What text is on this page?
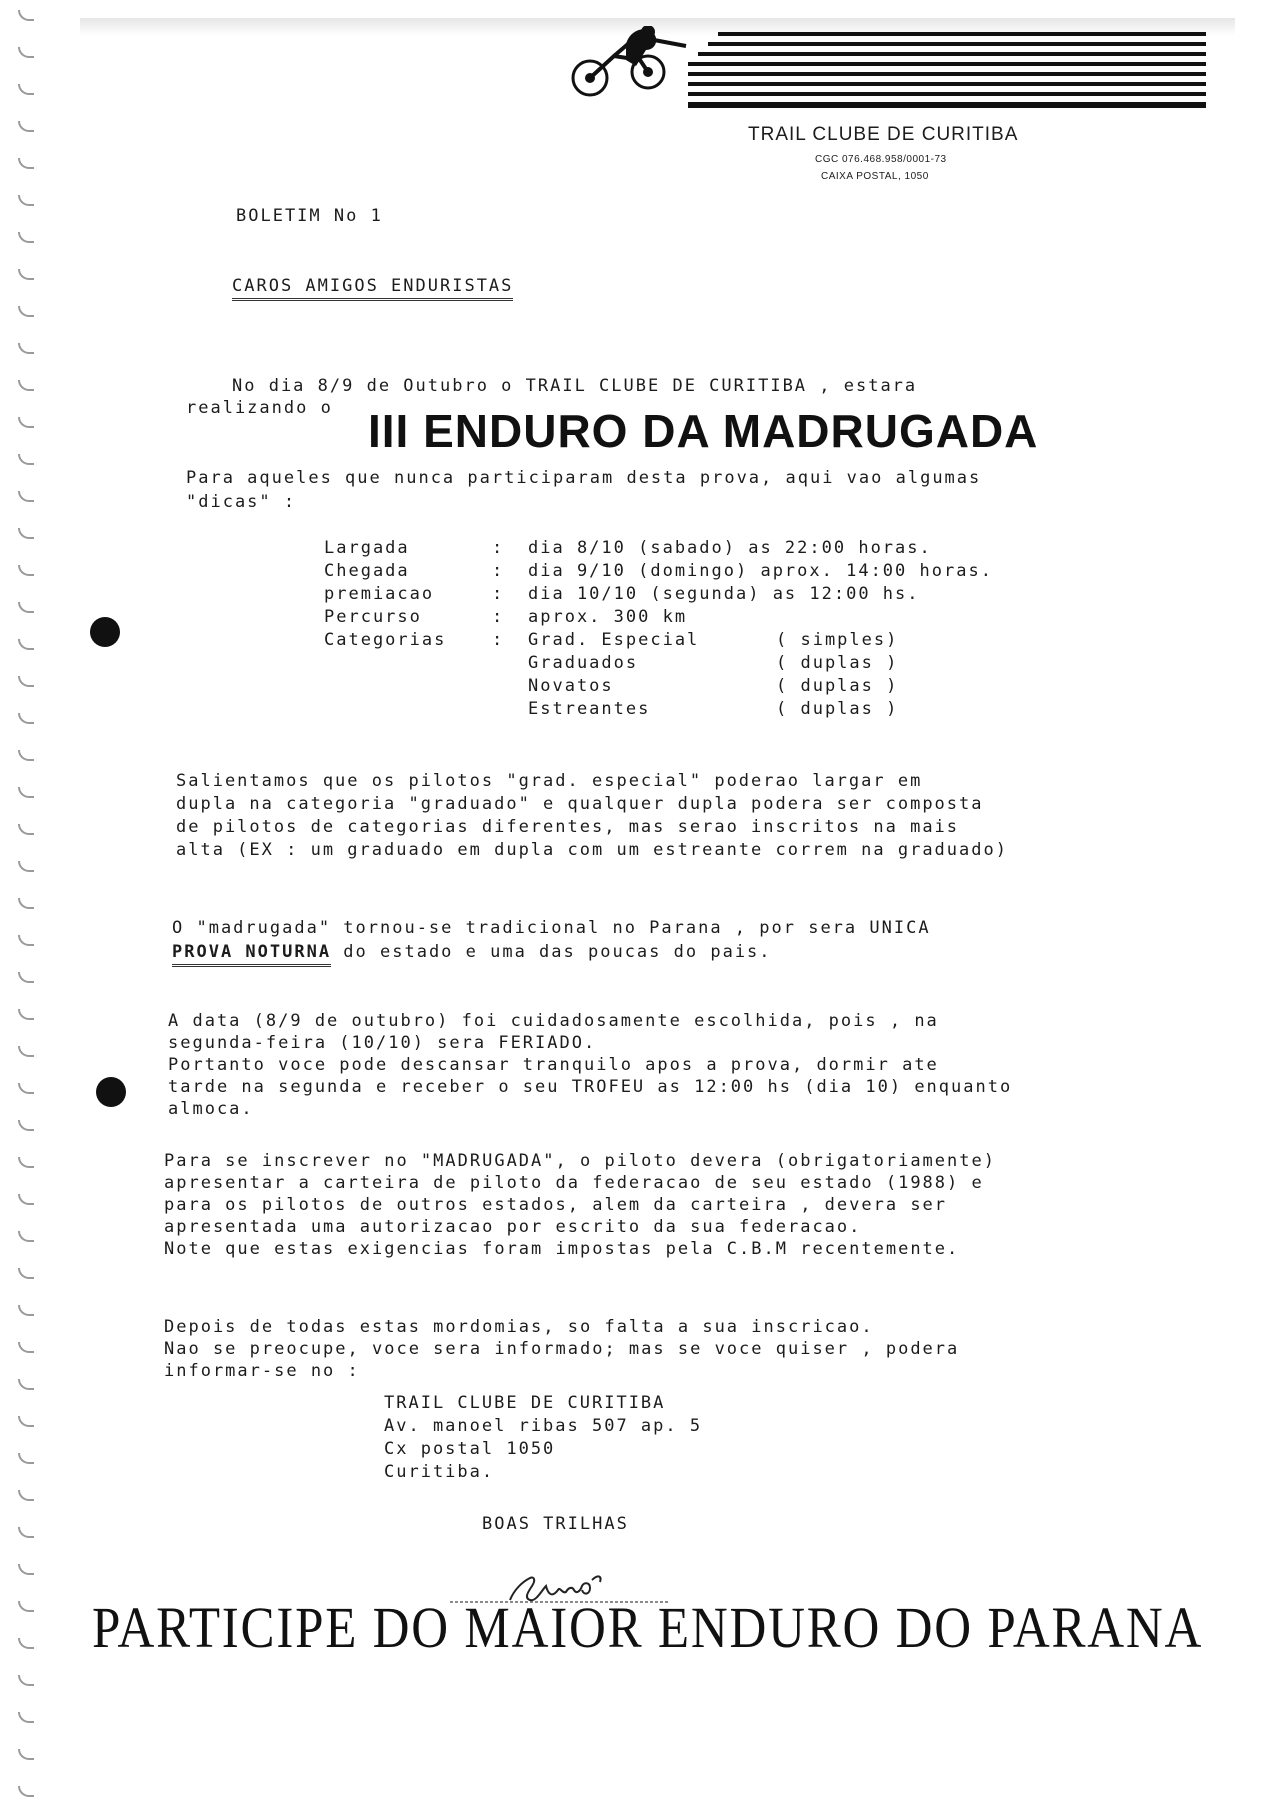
TRAIL CLUBE DE CURITIBA
CGC 076.468.958/0001-73
CAIXA POSTAL, 1050
BOLETIM No 1
CAROS AMIGOS ENDURISTAS
No dia 8/9 de Outubro o TRAIL CLUBE DE CURITIBA , estara
realizando o III ENDURO DA MADRUGADA
Para aqueles que nunca participaram desta prova, aqui vao algumas
"dicas" :
Largada	:	dia 8/10 (sabado) as 22:00 horas.
Chegada	:	dia 9/10 (domingo) aprox. 14:00 horas.
premiacao	:	dia 10/10 (segunda) as 12:00 hs.
Percurso	:	aprox. 300 km
Categorias	:	Grad. Especial	( simples)
Graduados	( duplas )
Novatos	( duplas )
Estreantes	( duplas )
Salientamos que os pilotos "grad. especial" poderao largar em
dupla na categoria "graduado" e qualquer dupla podera ser composta
de pilotos de categorias diferentes, mas serao inscritos na mais
alta (EX : um graduado em dupla com um estreante correm na graduado)
O "madrugada" tornou-se tradicional no Parana , por sera UNICA
PROVA NOTURNA do estado e uma das poucas do pais.
A data (8/9 de outubro) foi cuidadosamente escolhida, pois , na
segunda-feira (10/10) sera FERIADO.
Portanto voce pode descansar tranquilo apos a prova, dormir ate
tarde na segunda e receber o seu TROFEU as 12:00 hs (dia 10) enquanto
almoca.
Para se inscrever no "MADRUGADA", o piloto devera (obrigatoriamente)
apresentar a carteira de piloto da federacao de seu estado (1988) e
para os pilotos de outros estados, alem da carteira , devera ser
apresentada uma autorizacao por escrito da sua federacao.
Note que estas exigencias foram impostas pela C.B.M recentemente.
Depois de todas estas mordomias, so falta a sua inscricao.
Nao se preocupe, voce sera informado; mas se voce quiser , podera
informar-se no :
TRAIL CLUBE DE CURITIBA
Av. manoel ribas 507 ap. 5
Cx postal 1050
Curitiba.
BOAS TRILHAS
PARTICIPE DO MAIOR ENDURO DO PARANA
